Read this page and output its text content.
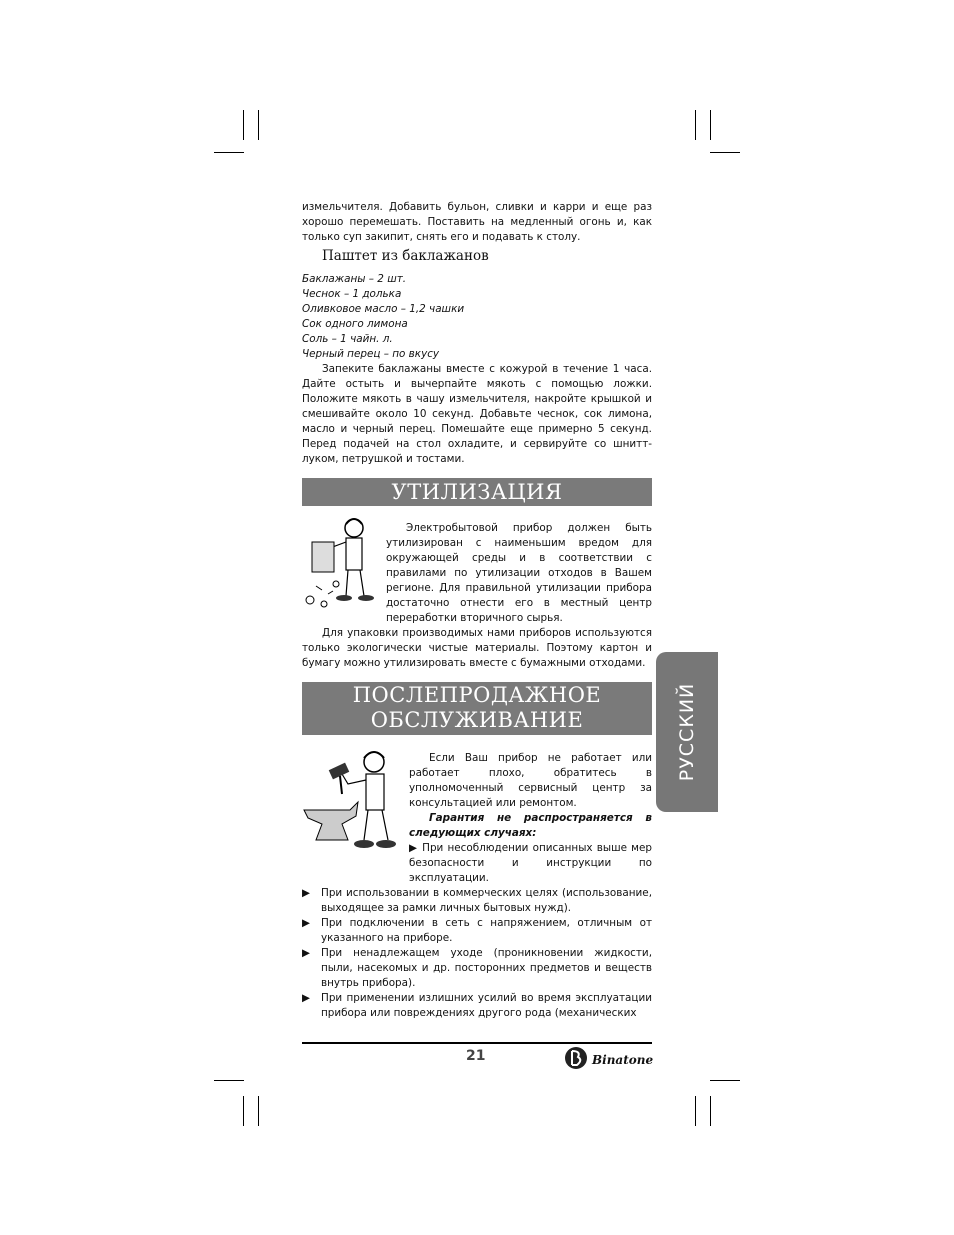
измельчителя. Добавить бульон, сливки и карри и еще раз хорошо перемешать. Поставить на медленный огонь и, как только суп закипит, снять его и подавать к столу.

Паштет из баклажанов
Баклажаны – 2 шт.
Чеснок – 1 долька
Оливковое масло – 1,2 чашки
Сок одного лимона
Соль – 1 чайн. л.
Черный перец – по вкусу

Запеките баклажаны вместе с кожурой в течение 1 часа. Дайте остыть и вычерпайте мякоть с помощью ложки. Положите мякоть в чашу измельчителя, накройте крышкой и смешивайте около 10 секунд. Добавьте чеснок, сок лимона, масло и черный перец. Помешайте еще примерно 5 секунд. Перед подачей на стол охладите, и сервируйте со шнитт-луком, петрушкой и тостами.

УТИЛИЗАЦИЯ

Электробытовой прибор должен быть утилизирован с наименьшим вредом для окружающей среды и в соответствии с правилами по утилизации отходов в Вашем регионе. Для правильной утилизации прибора достаточно отнести его в местный центр переработки вторичного сырья.

Для упаковки производимых нами приборов используются только экологически чистые материалы. Поэтому картон и бумагу можно утилизировать вместе с бумажными отходами.

ПОСЛЕПРОДАЖНОЕ
ОБСЛУЖИВАНИЕ

Если Ваш прибор не работает или работает плохо, обратитесь в уполномоченный сервисный центр за консультацией или ремонтом.

Гарантия не распространяется в следующих случаях:

▶ При несоблюдении описанных выше мер безопасности и инструкции по эксплуатации.

▶ При использовании в коммерческих целях (использование, выходящее за рамки личных бытовых нужд).
▶ При подключении в сеть с напряжением, отличным от указанного на приборе.
▶ При ненадлежащем уходе (проникновении жидкости, пыли, насекомых и др. посторонних предметов и веществ внутрь прибора).
▶ При применении излишних усилий во время эксплуатации прибора или повреждениях другого рода (механических
РУССКИЙ
21	Binatone
